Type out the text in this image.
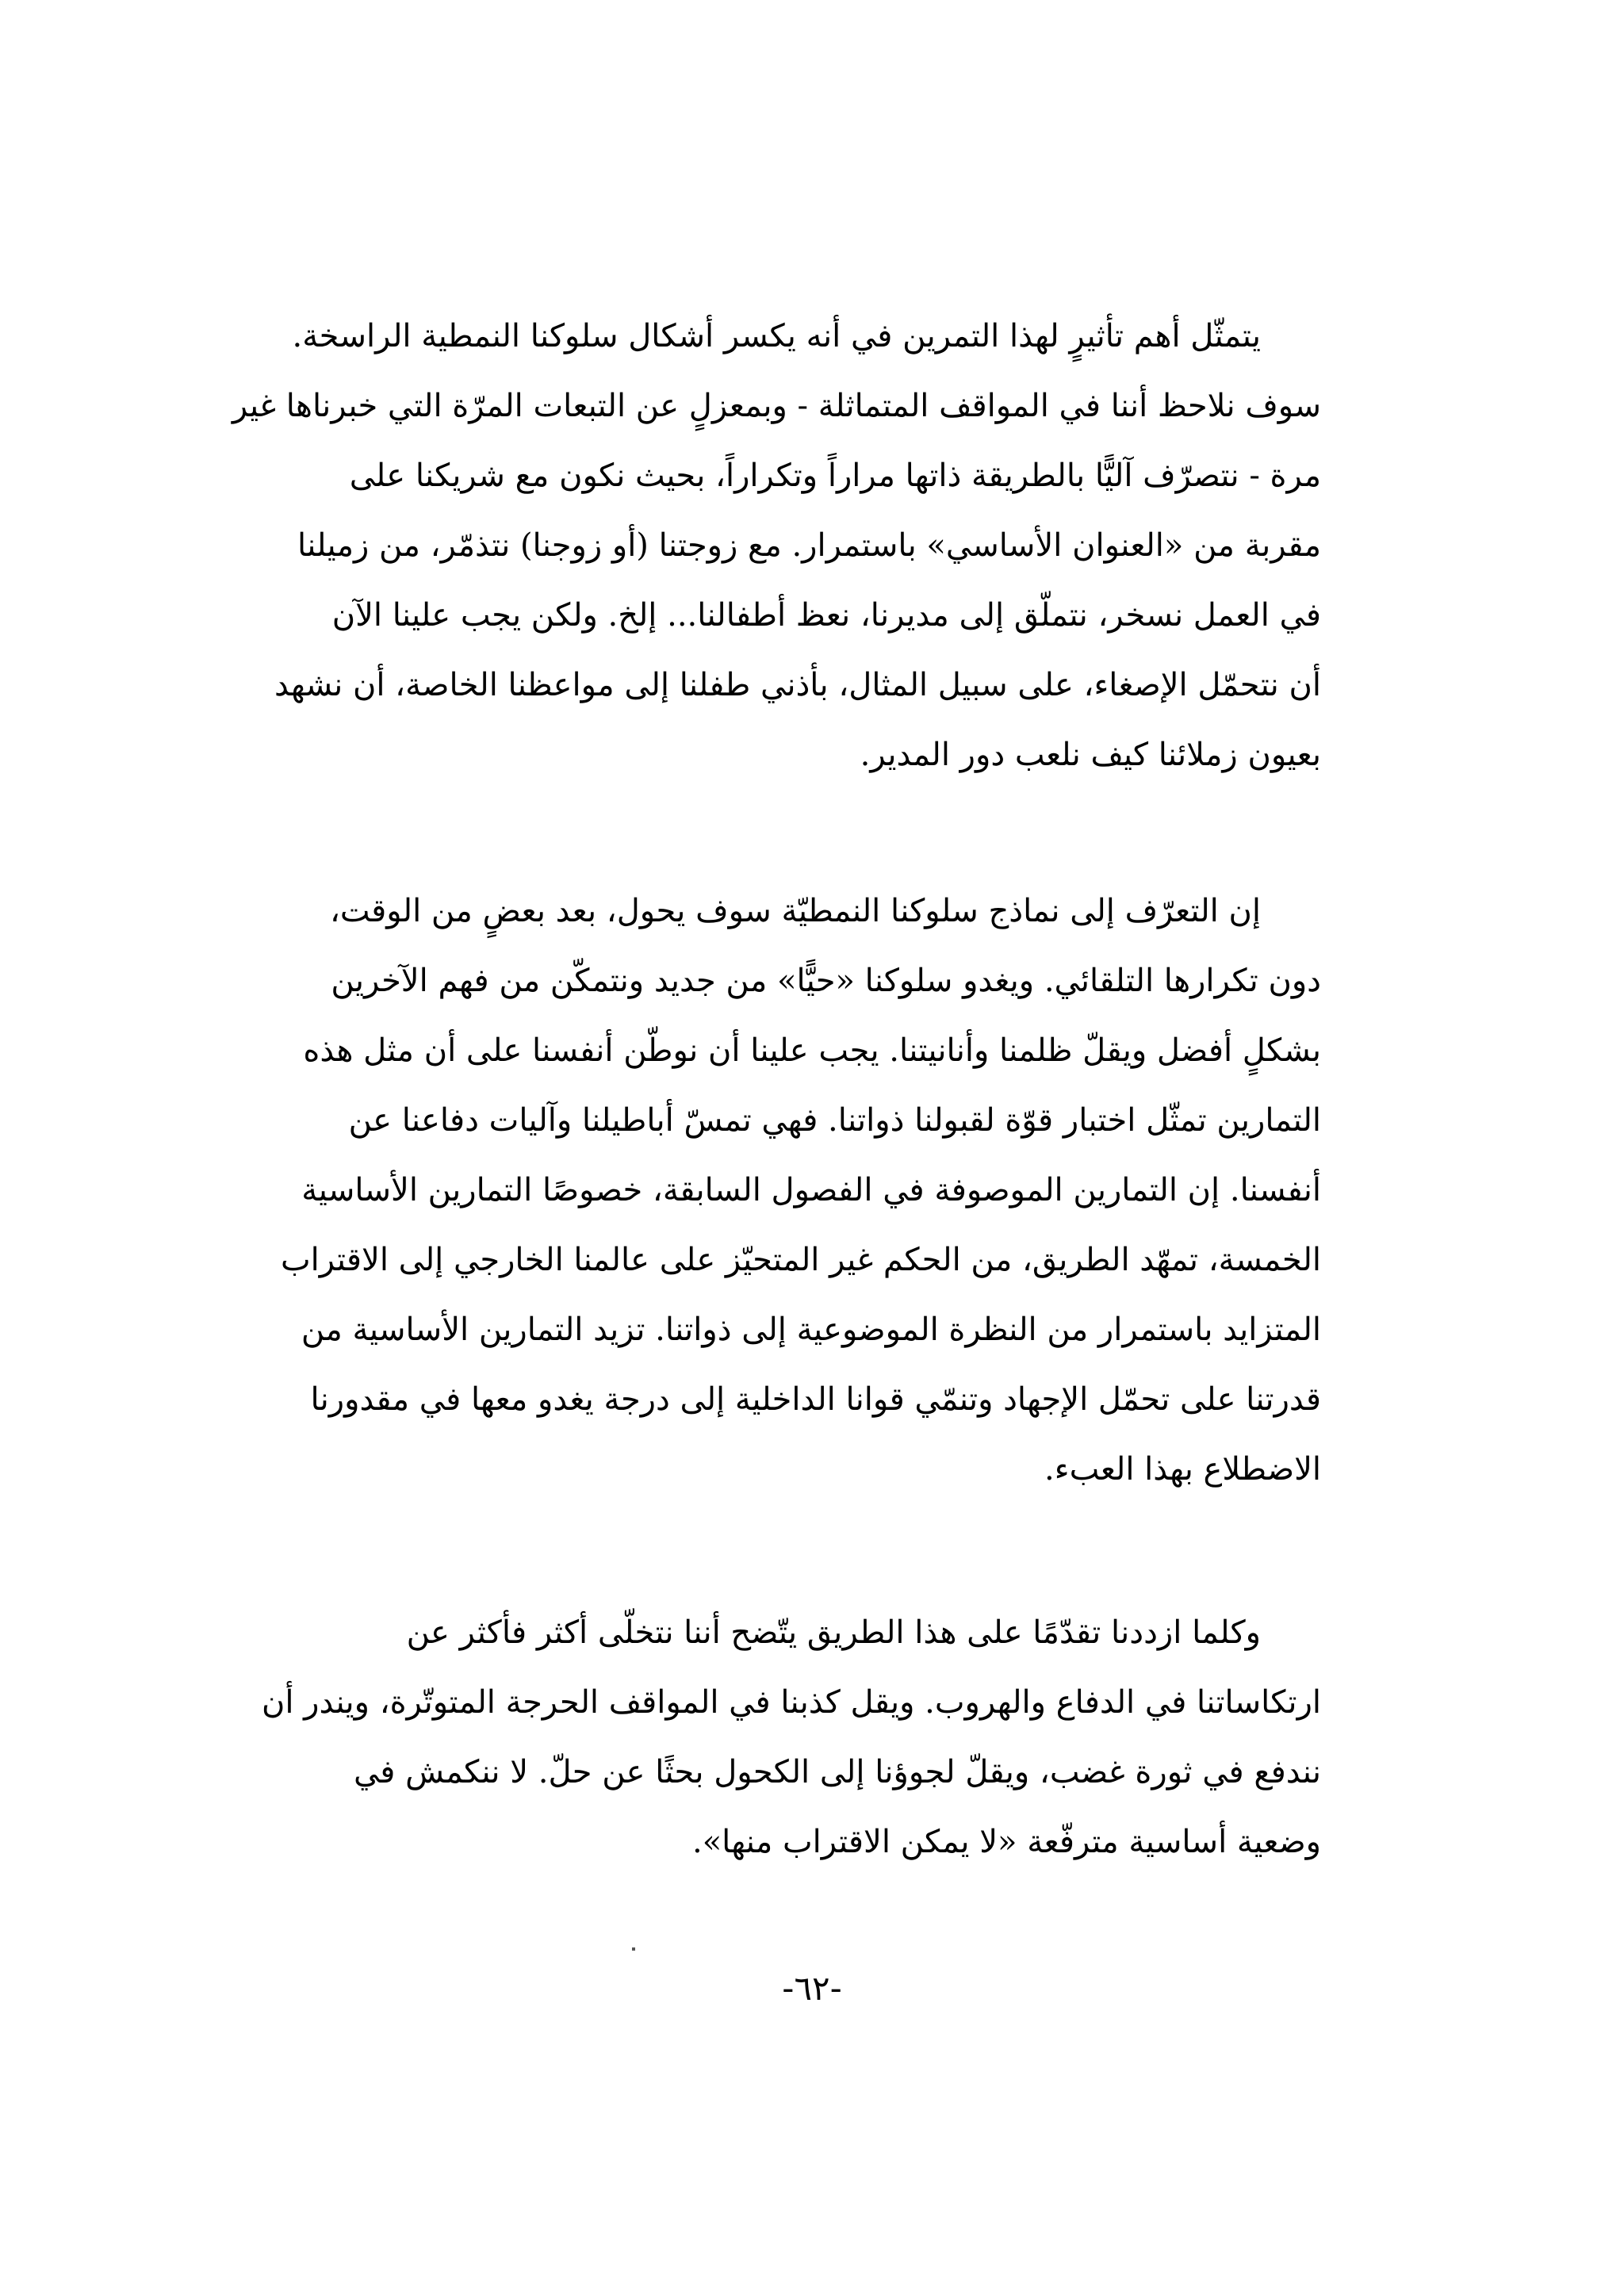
يتمثّل أهم تأثيرٍ لهذا التمرين في أنه يكسر أشكال سلوكنا النمطية الراسخة.
سوف نلاحظ أننا في المواقف المتماثلة - وبمعزلٍ عن التبعات المرّة التي خبرناها غير
مرة - نتصرّف آليًّا بالطريقة ذاتها مراراً وتكراراً، بحيث نكون مع شريكنا على
مقربة من «العنوان الأساسي» باستمرار. مع زوجتنا (أو زوجنا) نتذمّر، من زميلنا
في العمل نسخر، نتملّق إلى مديرنا، نعظ أطفالنا... إلخ. ولكن يجب علينا الآن
أن نتحمّل الإصغاء، على سبيل المثال، بأذني طفلنا إلى مواعظنا الخاصة، أن نشهد
بعيون زملائنا كيف نلعب دور المدير.
إن التعرّف إلى نماذج سلوكنا النمطيّة سوف يحول، بعد بعضٍ من الوقت،
دون تكرارها التلقائي. ويغدو سلوكنا «حيًّا» من جديد ونتمكّن من فهم الآخرين
بشكلٍ أفضل ويقلّ ظلمنا وأنانيتنا. يجب علينا أن نوطّن أنفسنا على أن مثل هذه
التمارين تمثّل اختبار قوّة لقبولنا ذواتنا. فهي تمسّ أباطيلنا وآليات دفاعنا عن
أنفسنا. إن التمارين الموصوفة في الفصول السابقة، خصوصًا التمارين الأساسية
الخمسة، تمهّد الطريق، من الحكم غير المتحيّز على عالمنا الخارجي إلى الاقتراب
المتزايد باستمرار من النظرة الموضوعية إلى ذواتنا. تزيد التمارين الأساسية من
قدرتنا على تحمّل الإجهاد وتنمّي قوانا الداخلية إلى درجة يغدو معها في مقدورنا
الاضطلاع بهذا العبء.
وكلما ازددنا تقدّمًا على هذا الطريق يتّضح أننا نتخلّى أكثر فأكثر عن
ارتكاساتنا في الدفاع والهروب. ويقل كذبنا في المواقف الحرجة المتوتّرة، ويندر أن
نندفع في ثورة غضب، ويقلّ لجوؤنا إلى الكحول بحثًا عن حلّ. لا ننكمش في
وضعية أساسية مترفّعة «لا يمكن الاقتراب منها».
-٦٢-
